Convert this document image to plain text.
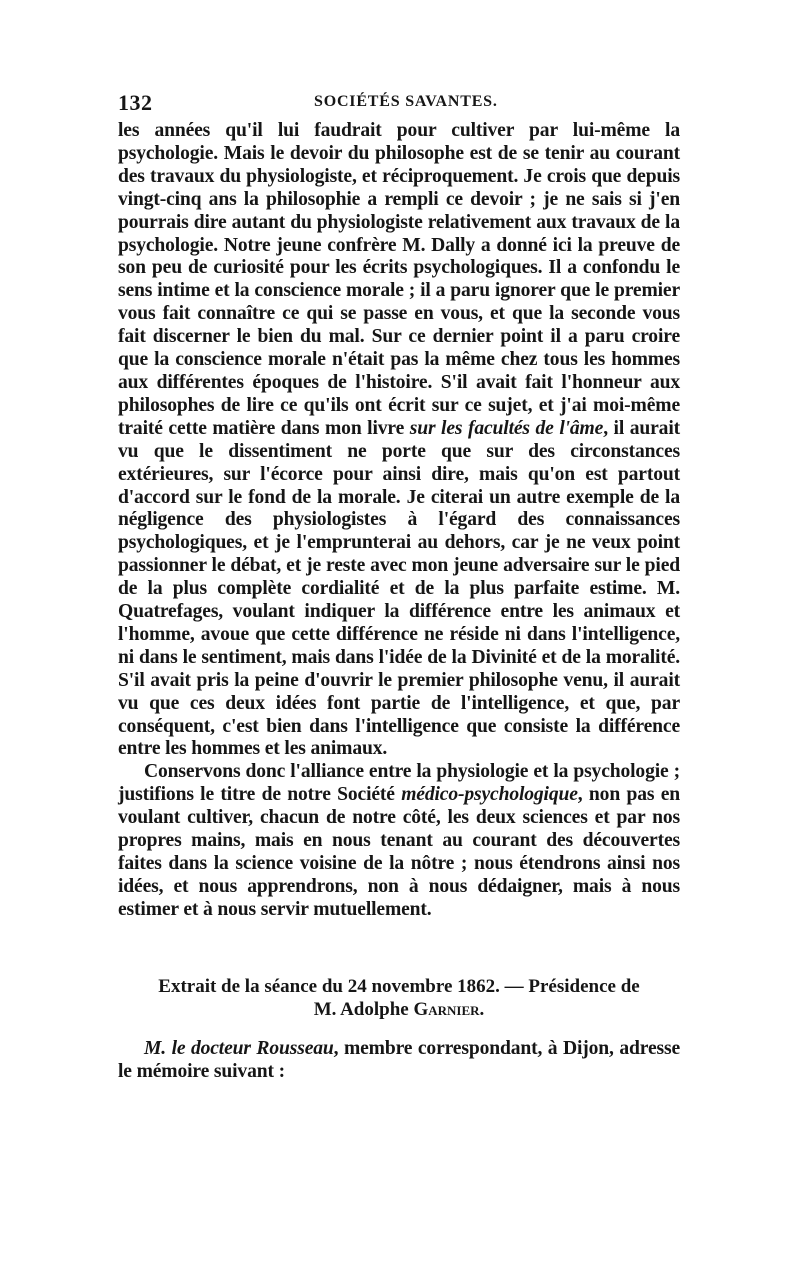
132	SOCIÉTÉS SAVANTES.

les années qu'il lui faudrait pour cultiver par lui-même la psychologie. Mais le devoir du philosophe est de se tenir au courant des travaux du physiologiste, et réciproquement. Je crois que depuis vingt-cinq ans la philosophie a rempli ce devoir ; je ne sais si j'en pourrais dire autant du physiologiste relativement aux travaux de la psychologie. Notre jeune confrère M. Dally a donné ici la preuve de son peu de curiosité pour les écrits psychologiques. Il a confondu le sens intime et la conscience morale ; il a paru ignorer que le premier vous fait connaître ce qui se passe en vous, et que la seconde vous fait discerner le bien du mal. Sur ce dernier point il a paru croire que la conscience morale n'était pas la même chez tous les hommes aux différentes époques de l'histoire. S'il avait fait l'honneur aux philosophes de lire ce qu'ils ont écrit sur ce sujet, et j'ai moi-même traité cette matière dans mon livre sur les facultés de l'âme, il aurait vu que le dissentiment ne porte que sur des circonstances extérieures, sur l'écorce pour ainsi dire, mais qu'on est partout d'accord sur le fond de la morale. Je citerai un autre exemple de la négligence des physiologistes à l'égard des connaissances psychologiques, et je l'emprunterai au dehors, car je ne veux point passionner le débat, et je reste avec mon jeune adversaire sur le pied de la plus complète cordialité et de la plus parfaite estime. M. Quatrefages, voulant indiquer la différence entre les animaux et l'homme, avoue que cette différence ne réside ni dans l'intelligence, ni dans le sentiment, mais dans l'idée de la Divinité et de la moralité. S'il avait pris la peine d'ouvrir le premier philosophe venu, il aurait vu que ces deux idées font partie de l'intelligence, et que, par conséquent, c'est bien dans l'intelligence que consiste la différence entre les hommes et les animaux.

Conservons donc l'alliance entre la physiologie et la psychologie ; justifions le titre de notre Société médico-psychologique, non pas en voulant cultiver, chacun de notre côté, les deux sciences et par nos propres mains, mais en nous tenant au courant des découvertes faites dans la science voisine de la nôtre ; nous étendrons ainsi nos idées, et nous apprendrons, non à nous dédaigner, mais à nous estimer et à nous servir mutuellement.

Extrait de la séance du 24 novembre 1862. — Présidence de

M. Adolphe Garnier.

M. le docteur Rousseau, membre correspondant, à Dijon, adresse le mémoire suivant :
